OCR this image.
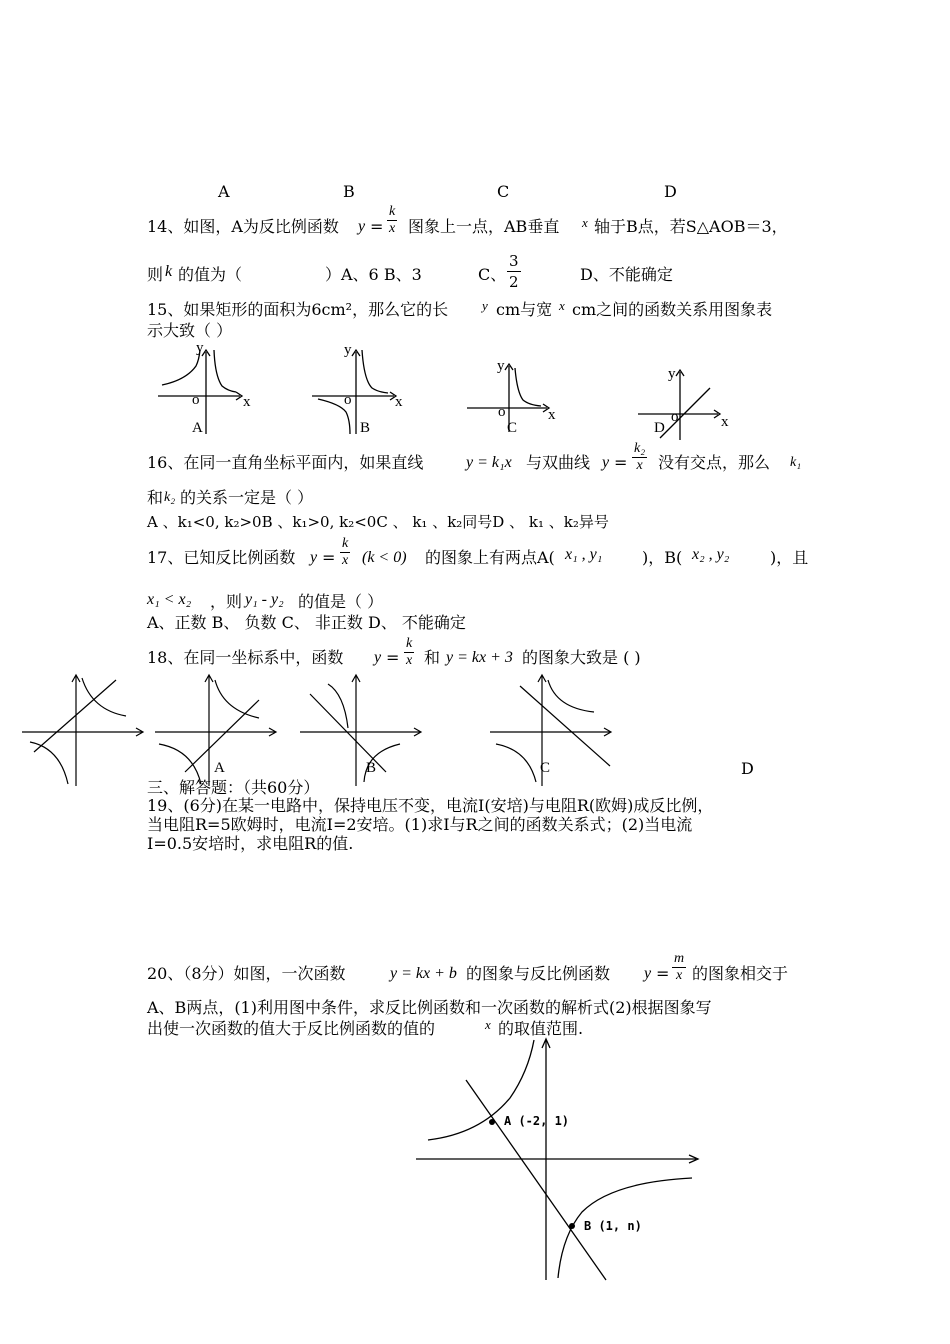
A	B	C	D
14、如图，A为反比例函数 $y = \frac{k}{x}$ 图象上一点，AB垂直 x 轴于B点，若S△AOB＝3，
则 k 的值为（	）A、6 B、3	C、 $\frac{3}{2}$	D、不能确定
15、如果矩形的面积为6cm²，那么它的长	y cm与宽 x cm之间的函数关系用图象表
示大致（ ）
y
x
o
A
y
x
o
B
y
x
o
C
y
x
o
D
16、在同一直角坐标平面内，如果直线	y = k₁x 与双曲线 $y = \frac{\text{k₂}}{x}$ 没有交点，那么 k₁
和 k₂ 的关系一定是（ ）
A 、k₁<0, k₂>0B 、k₁>0, k₂<0C 、 k₁ 、k₂同号D 、 k₁ 、k₂异号
17、已知反比例函数 $y = \frac{k}{x} (k < 0)$ 的图象上有两点A( x₁ , y₁ )，B( x₂ , y₂	)，且
x₁ < x₂ ，则 y₁ - y₂ 的值是（ ）
A、正数 B、 负数 C、 非正数 D、 不能确定
18、在同一坐标系中，函数 $y = \frac{k}{x}$ 和 y = kx + 3 的图象大致是 ( )
A	B	C	D
三、解答题：（共60分）
19、(6分)在某一电路中，保持电压不变，电流I(安培)与电阻R(欧姆)成反比例，
当电阻R=5欧姆时，电流I=2安培。(1)求I与R之间的函数关系式；(2)当电流
I=0.5安培时，求电阻R的值.
20、（8分）如图，一次函数	y = kx + b 的图象与反比例函数 $y = \frac{m}{x}$ 的图象相交于
A、B两点，(1)利用图中条件，求反比例函数和一次函数的解析式(2)根据图象写
出使一次函数的值大于反比例函数的值的	x 的取值范围.
A (-2, 1)
B (1, n)
